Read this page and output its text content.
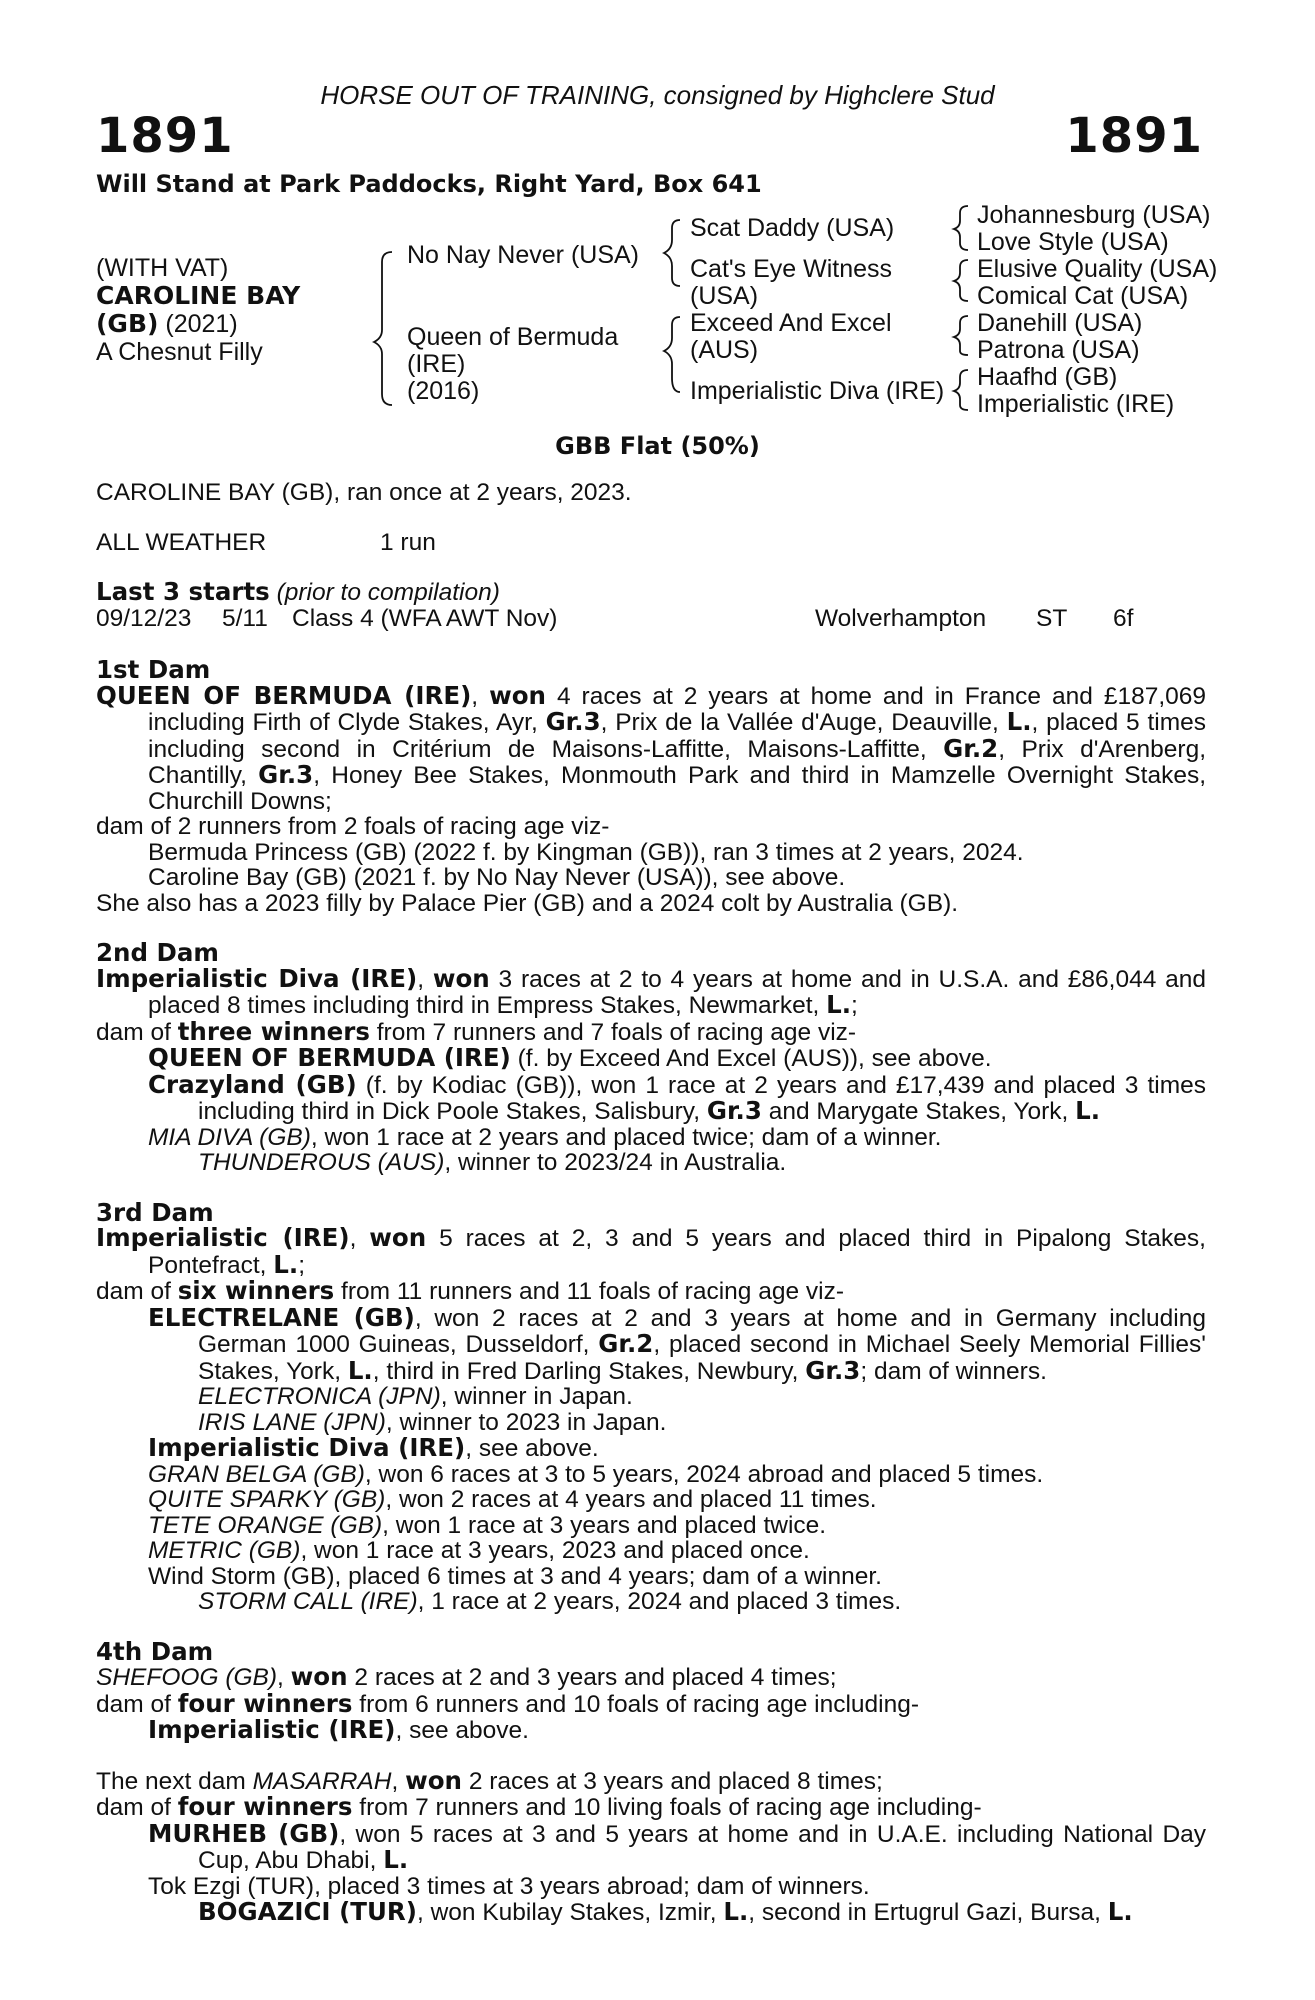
HORSE OUT OF TRAINING, consigned by Highclere Stud
1891	1891
Will Stand at Park Paddocks, Right Yard, Box 641
(WITH VAT)
CAROLINE BAY
(GB) (2021)
A Chesnut Filly
No Nay Never (USA)
Queen of Bermuda
(IRE)
(2016)
Scat Daddy (USA)
Cat's Eye Witness
(USA)
Exceed And Excel
(AUS)
Imperialistic Diva (IRE)
Johannesburg (USA)
Love Style (USA)
Elusive Quality (USA)
Comical Cat (USA)
Danehill (USA)
Patrona (USA)
Haafhd (GB)
Imperialistic (IRE)
GBB Flat (50%)

CAROLINE BAY (GB), ran once at 2 years, 2023.

ALL WEATHER	1 run

Last 3 starts (prior to compilation)

09/12/23	5/11	Class 4 (WFA AWT Nov)	Wolverhampton	ST	6f
1st Dam
QUEEN OF BERMUDA (IRE), won 4 races at 2 years at home and in France and £187,069 including Firth of Clyde Stakes, Ayr, Gr.3, Prix de la Vallée d'Auge, Deauville, L., placed 5 times including second in Critérium de Maisons-Laffitte, Maisons-Laffitte, Gr.2, Prix d'Arenberg, Chantilly, Gr.3, Honey Bee Stakes, Monmouth Park and third in Mamzelle Overnight Stakes, Churchill Downs;
dam of 2 runners from 2 foals of racing age viz-
Bermuda Princess (GB) (2022 f. by Kingman (GB)), ran 3 times at 2 years, 2024.
Caroline Bay (GB) (2021 f. by No Nay Never (USA)), see above.
She also has a 2023 filly by Palace Pier (GB) and a 2024 colt by Australia (GB).
2nd Dam
Imperialistic Diva (IRE), won 3 races at 2 to 4 years at home and in U.S.A. and £86,044 and placed 8 times including third in Empress Stakes, Newmarket, L.;
dam of three winners from 7 runners and 7 foals of racing age viz-
QUEEN OF BERMUDA (IRE) (f. by Exceed And Excel (AUS)), see above.
Crazyland (GB) (f. by Kodiac (GB)), won 1 race at 2 years and £17,439 and placed 3 times including third in Dick Poole Stakes, Salisbury, Gr.3 and Marygate Stakes, York, L.
MIA DIVA (GB), won 1 race at 2 years and placed twice; dam of a winner.
THUNDEROUS (AUS), winner to 2023/24 in Australia.
3rd Dam
Imperialistic (IRE), won 5 races at 2, 3 and 5 years and placed third in Pipalong Stakes, Pontefract, L.;
dam of six winners from 11 runners and 11 foals of racing age viz-
ELECTRELANE (GB), won 2 races at 2 and 3 years at home and in Germany including German 1000 Guineas, Dusseldorf, Gr.2, placed second in Michael Seely Memorial Fillies' Stakes, York, L., third in Fred Darling Stakes, Newbury, Gr.3; dam of winners.
ELECTRONICA (JPN), winner in Japan.
IRIS LANE (JPN), winner to 2023 in Japan.
Imperialistic Diva (IRE), see above.
GRAN BELGA (GB), won 6 races at 3 to 5 years, 2024 abroad and placed 5 times.
QUITE SPARKY (GB), won 2 races at 4 years and placed 11 times.
TETE ORANGE (GB), won 1 race at 3 years and placed twice.
METRIC (GB), won 1 race at 3 years, 2023 and placed once.
Wind Storm (GB), placed 6 times at 3 and 4 years; dam of a winner.
STORM CALL (IRE), 1 race at 2 years, 2024 and placed 3 times.
4th Dam
SHEFOOG (GB), won 2 races at 2 and 3 years and placed 4 times;
dam of four winners from 6 runners and 10 foals of racing age including-
Imperialistic (IRE), see above.
The next dam MASARRAH, won 2 races at 3 years and placed 8 times;
dam of four winners from 7 runners and 10 living foals of racing age including-
MURHEB (GB), won 5 races at 3 and 5 years at home and in U.A.E. including National Day Cup, Abu Dhabi, L.
Tok Ezgi (TUR), placed 3 times at 3 years abroad; dam of winners.
BOGAZICI (TUR), won Kubilay Stakes, Izmir, L., second in Ertugrul Gazi, Bursa, L.
